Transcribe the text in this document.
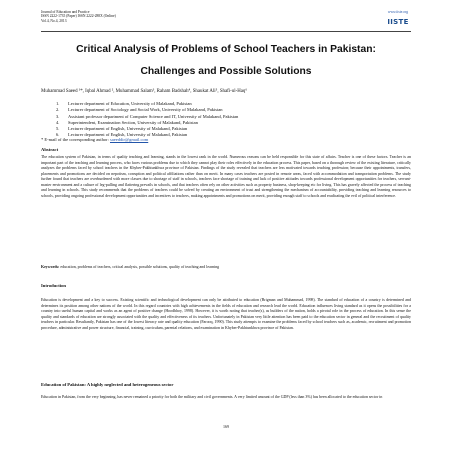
Journal of Education and Practice
ISSN 2222-1735 (Paper) ISSN 2222-288X (Online)
Vol.4, No.4, 2013
www.iiste.org
IISTE
Critical Analysis of Problems of School Teachers in Pakistan:
Challenges and Possible Solutions
Muhammad Saeed ¹*, Iqbal Ahmad ², Muhammad Salam³, Raham Badshah⁴, Shaukat Ali⁵, Shafi-ul-Haq⁶
1.	Lecturer department of Education, University of Malakand, Pakistan
2.	Lecturer department of Sociology and Social Work, University of Malakand, Pakistan
3.	Assistant professor department of Computer Science and IT, University of Malakand, Pakistan
4.	Superintendent, Examination Section, University of Malakand, Pakistan
5.	Lecturer department of English, University of Malakand, Pakistan
6.	Lecturer department of English, University of Malakand, Pakistan
* E-mail of the corresponding author: saeeddir@gmail.com
Abstract
The education system of Pakistan, in terms of quality teaching and learning, stands in the lowest rank in the world. Numerous reasons can be held responsible for this state of affairs. Teacher is one of these factors. Teacher is an important part of the teaching and learning process, who faces various problems due to which they cannot play their roles effectively in the education process. This paper, based on a thorough review of the existing literature, critically analyzes the problems faced by school teachers in the Khyber-Pakhtunkhwa province of Pakistan. Findings of the study revealed that teachers are less motivated towards teaching profession; because their appointments, transfers, placements and promotions are decided on nepotism, corruption and political affiliations rather than on merit. In many cases teachers are posted in remote areas, faced with accommodation and transportation problems. The study further found that teachers are overburdened with more classes due to shortage of staff in schools, teachers face shortage of training and lack of positive attitudes towards professional development opportunities for teachers, servant-master environment and a culture of leg-pulling and flattering prevails in schools, and that teachers often rely on other activities such as property business, shop-keeping etc for living. This has gravely affected the process of teaching and learning in schools. This study recommends that the problems of teachers could be solved by creating an environment of trust and strengthening the mechanism of accountability, providing teaching and learning resources to schools, providing ongoing professional development opportunities and incentives to teachers, making appointments and promotions on merit, providing enough staff to schools and eradicating the evil of political interference.
Keywords: education, problems of teachers, critical analysis, possible solutions, quality of teaching and learning
Introduction
Education is development and a key to success. Existing scientific and technological development can only be attributed to education (Brigman and Muhammad, 1998). The standard of education of a country is determined and determines its position among other nations of the world. In this regard countries with high achievements in the fields of education and research lead the world. Education influences living standard as it opens the possibilities for a country into useful human capital and works as an agent of positive change (Hoodbhoy, 1998). However, it is worth noting that teacher(s), as builders of the nation, holds a pivotal role in the process of education. In this sense the quality and standards of education are strongly associated with the quality and effectiveness of its teachers. Unfortunately in Pakistan very little attention has been paid to the education sector in general and the recruitment of quality teachers in particular. Resultantly, Pakistan has one of the lowest literacy rate and quality education (Farooq, 1990). This study attempts to examine the problems faced by school teachers such as, academic, recruitment and promotion procedure, administrative and power structure, financial, training, curriculum, parental relations, and examination in Khyber-Pakhtunkhwa province of Pakistan.
Education of Pakistan: A highly neglected and heterogeneous sector
Education in Pakistan, from the very beginning, has never remained a priority for both the military and civil governments. A very limited amount of the GDP (less than 3%) has been allocated to the education sector in
169
